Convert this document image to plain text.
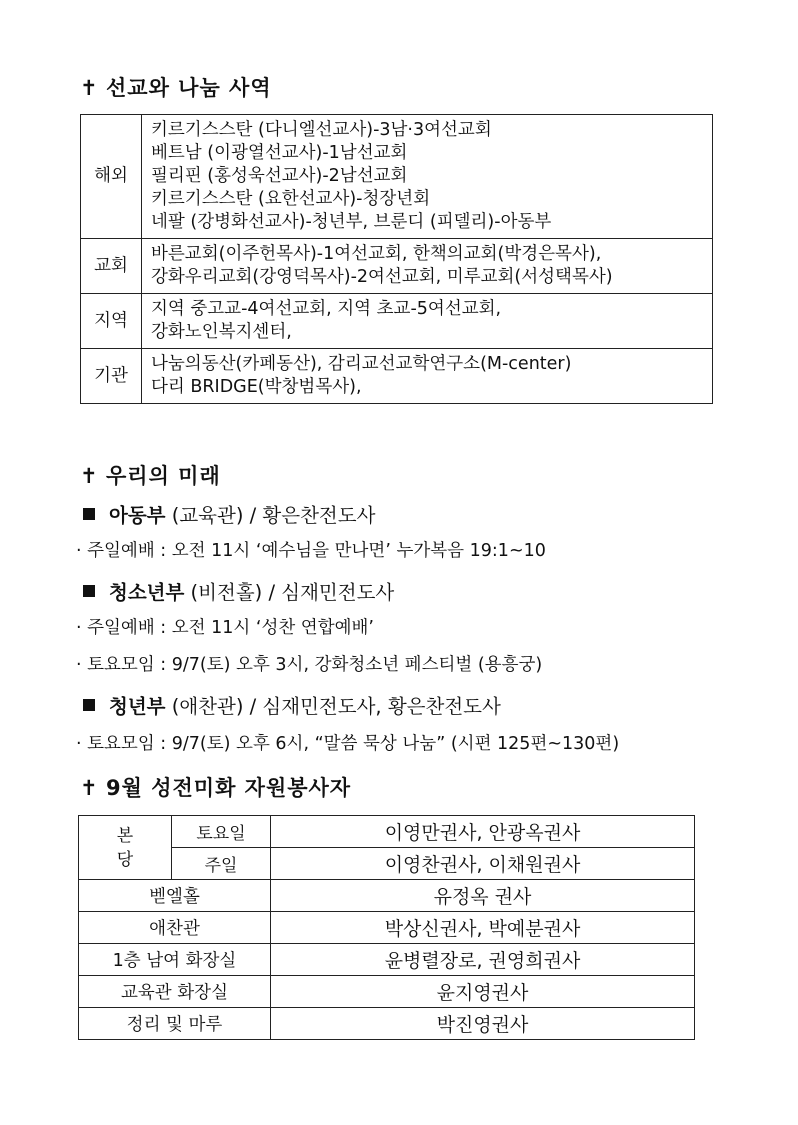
✝ 선교와 나눔 사역
해외	키르기스스탄 (다니엘선교사)-3남·3여선교회
베트남 (이광열선교사)-1남선교회
필리핀 (홍성욱선교사)-2남선교회
키르기스스탄 (요한선교사)-청장년회
네팔 (강병화선교사)-청년부, 브룬디 (피델리)-아동부

교회	바른교회(이주헌목사)-1여선교회, 한책의교회(박경은목사),
강화우리교회(강영덕목사)-2여선교회, 미루교회(서성택목사)

지역	지역 중고교-4여선교회, 지역 초교-5여선교회,
강화노인복지센터,

기관	나눔의동산(카페동산), 감리교선교학연구소(M-center)
다리 BRIDGE(박창범목사),
✝ 우리의 미래
아동부 (교육관) / 황은찬전도사
· 주일예배 : 오전 11시 ‘예수님을 만나면’ 누가복음 19:1~10
청소년부 (비전홀) / 심재민전도사
· 주일예배 : 오전 11시 ‘성찬 연합예배’
· 토요모임 : 9/7(토) 오후 3시, 강화청소년 페스티벌 (용흥궁)
청년부 (애찬관) / 심재민전도사, 황은찬전도사
· 토요모임 : 9/7(토) 오후 6시, “말씀 묵상 나눔” (시편 125편~130편)
✝ 9월 성전미화 자원봉사자
본
당	토요일	이영만권사, 안광옥권사
	주일	이영찬권사, 이채원권사
벧엘홀		유정옥 권사
애찬관		박상신권사, 박예분권사
1층 남여 화장실		윤병렬장로, 권영희권사
교육관 화장실		윤지영권사
정리 및 마루		박진영권사
